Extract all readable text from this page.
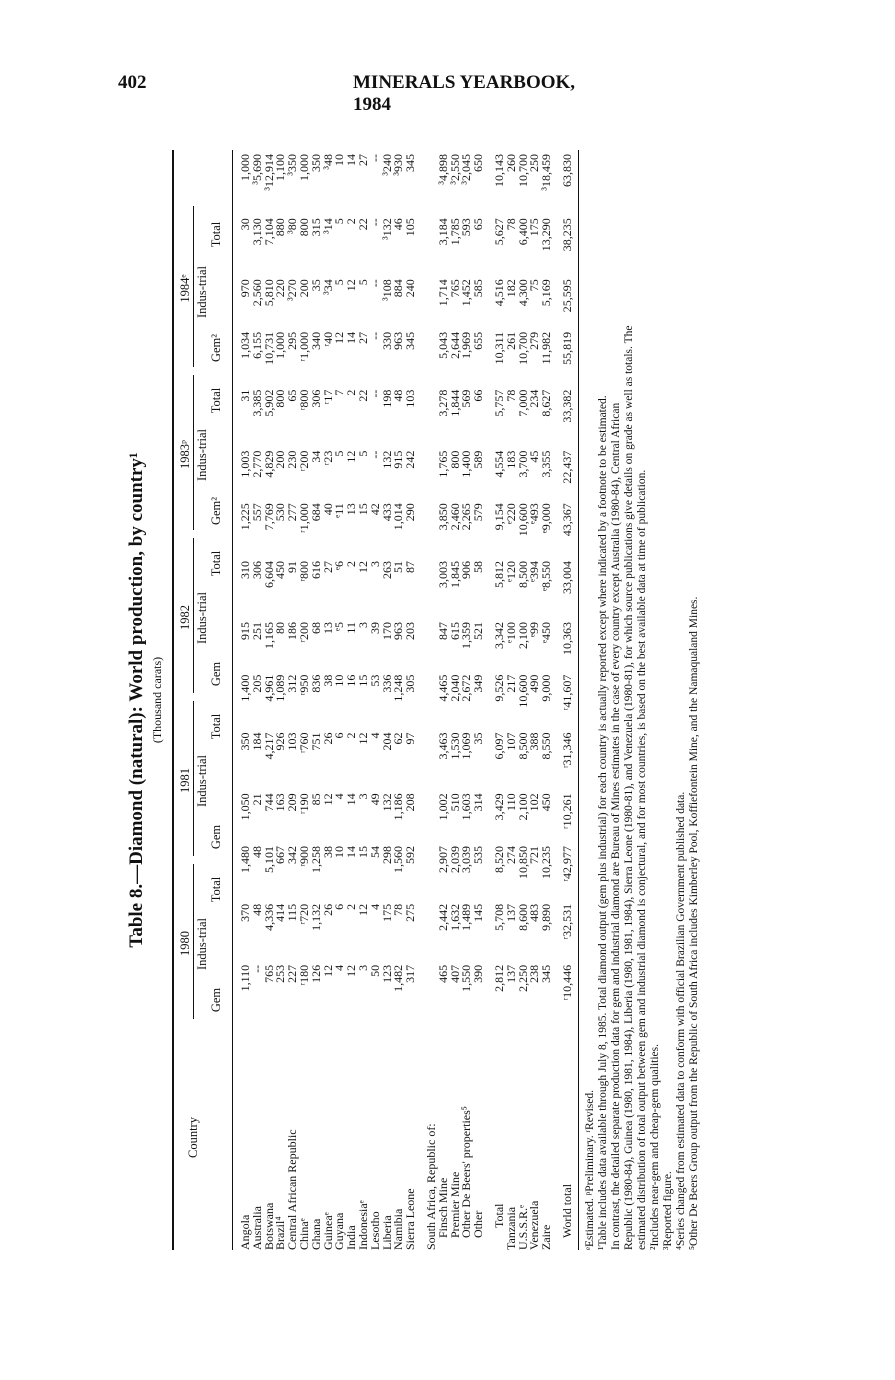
402	MINERALS YEARBOOK, 1984
Table 8.—Diamond (natural): World production, by country¹ (Thousand carats)
Country
1980
1981
1982
1983ᵖ
1984ᵉ
Gem
Indus-trial
Total
Gem
Indus-trial
Total
Gem
Indus-trial
Total
Gem²
Indus-trial
Total
Gem²
Indus-trial
Total
Angola	1,110	370	1,480	1,050	350	1,400	915	310	1,225	1,003	31	1,034	970	30	1,000
Australia	--	48	48	21	184	205	251	306	557	2,770	3,385	6,155	2,560	3,130	³5,690
Botswana	765	4,336	5,101	744	4,217	4,961	1,165	6,604	7,769	4,829	5,902	10,731	5,810	7,104	³12,914
Brazil⁴	253	414	667	163	926	1,089	80	450	530	200	800	1,000	220	880	1,100
Central African Republic	227	115	342	209	103	312	186	91	277	230	65	295	³270	³80	³350
Chinaᵉ	ʳ180	ʳ720	ʳ900	ʳ190	ʳ760	ʳ950	ʳ200	ʳ800	ʳ1,000	ʳ200	ʳ800	ʳ1,000	200	800	1,000
Ghana	126	1,132	1,258	85	751	836	68	616	684	34	306	340	35	315	350
Guineaᵉ	12	26	38	12	26	38	13	27	40	ʳ23	ʳ17	ʳ40	³34	³14	³48
Guyana	4	6	10	4	6	10	ᵉ5	ᵉ6	ᵉ11	5	7	12	5	5	10
India	12	2	14	14	2	16	11	2	13	12	2	14	12	2	14
Indonesiaᵉ	3	12	15	3	12	15	3	12	15	5	22	27	5	22	27
Lesotho	50	4	54	49	4	53	39	3	42	--	--	--	--	--	--
Liberia	123	175	298	132	204	336	170	263	433	132	198	330	³108	³132	³240
Namibia	1,482	78	1,560	1,186	62	1,248	963	51	1,014	915	48	963	884	46	³930
Sierra Leone	317	275	592	208	97	305	203	87	290	242	103	345	240	105	345

South Africa, Republic of:															
Finsch Mine	465	2,442	2,907	1,002	3,463	4,465	847	3,003	3,850	1,765	3,278	5,043	1,714	3,184	³4,898
Premier Mine	407	1,632	2,039	510	1,530	2,040	615	1,845	2,460	800	1,844	2,644	765	1,785	³2,550
Other De Beers' properties⁵	1,550	1,489	3,039	1,603	1,069	2,672	1,359	906	2,265	1,400	569	1,969	1,452	593	³2,045
Other	390	145	535	314	35	349	521	58	579	589	66	655	585	65	650

Total	2,812	5,708	8,520	3,429	6,097	9,526	3,342	5,812	9,154	4,554	5,757	10,311	4,516	5,627	10,143
Tanzania	137	137	274	110	107	217	ᵉ100	ᵉ120	ᵉ220	183	78	261	182	78	260
U.S.S.R.ᵉ	2,250	8,600	10,850	2,100	8,500	10,600	2,100	8,500	10,600	3,700	7,000	10,700	4,300	6,400	10,700
Venezuela	238	483	721	102	388	490	ᵉ99	ᵉ394	ᵉ493	45	234	279	75	175	250
Zaire	345	9,890	10,235	450	8,550	9,000	ᵉ450	ᵉ8,550	ᵉ9,000	3,355	8,627	11,982	5,169	13,290	³18,459

World total	ʳ10,446	ʳ32,531	ʳ42,977	ʳ10,261	ʳ31,346	ʳ41,607	10,363	33,004	43,367	22,437	33,382	55,819	25,595	38,235	63,830
ᵉEstimated. ᵖPreliminary. ʳRevised. ¹Table includes data available through July 8, 1985. Total diamond output (gem plus industrial) for each country is actually reported except where indicated by a footnote to be estimated. In contrast, the detailed separate production data for gem and industrial diamond are Bureau of Mines estimates in the case of every country except Australia (1980-84), Central African Republic (1980-84), Guinea (1980, 1981, 1984), Liberia (1980, 1981, 1984), Sierra Leone (1980-81), and Venezuela (1980-81), for which source publications give details on grade as well as totals. The estimated distribution of total output between gem and industrial diamond is conjectural, and for most countries, is based on the best available data at time of publication. ²Includes near-gem and cheap-gem qualities. ³Reported figure. ⁴Series changed from estimated data to conform with official Brazilian Government published data. ⁵Other De Beers Group output from the Republic of South Africa includes Kimberley Pool, Koffiefontein Mine, and the Namaqualand Mines.
